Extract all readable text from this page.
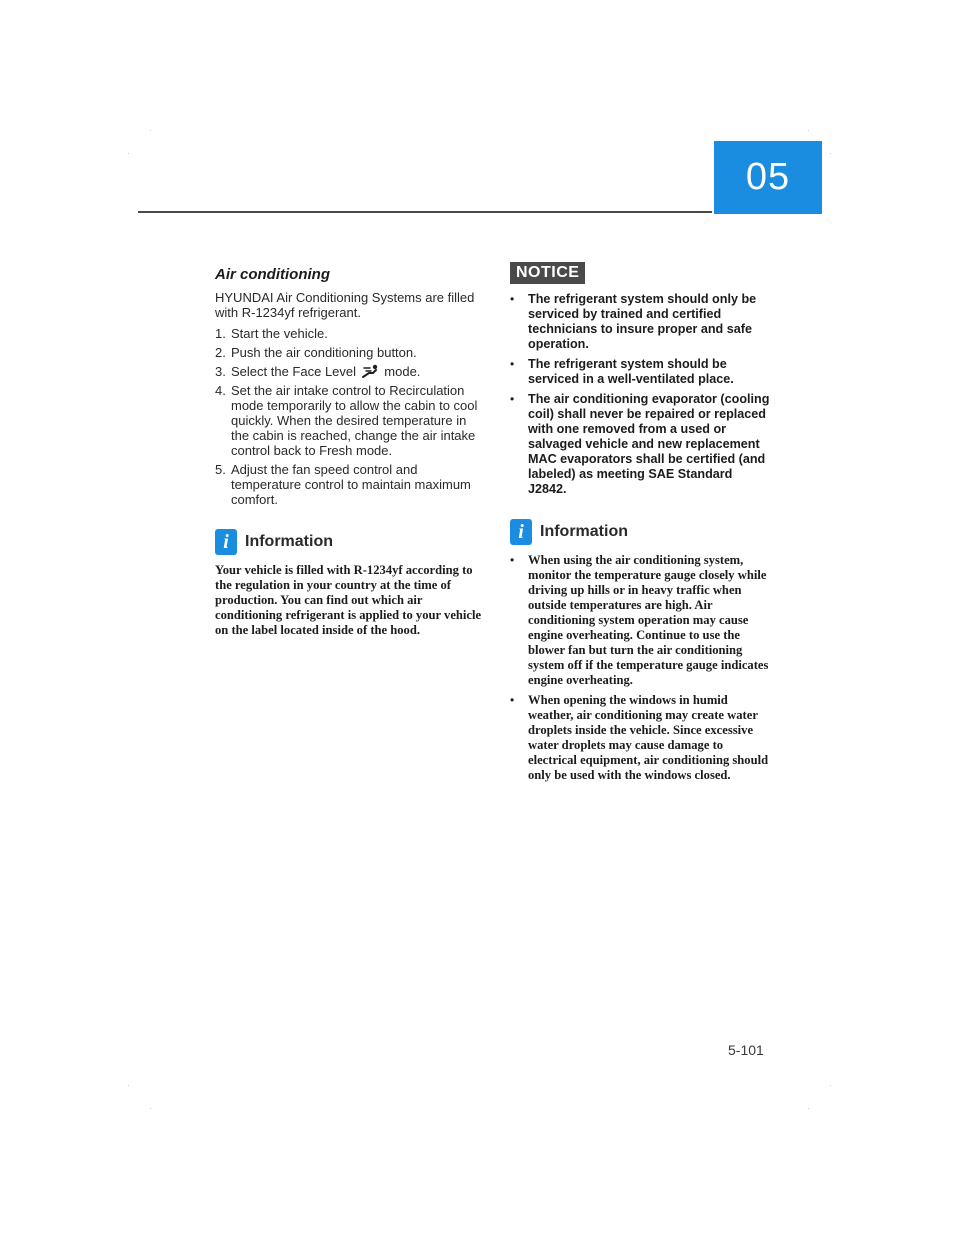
05
Air conditioning

HYUNDAI Air Conditioning Systems are filled with R-1234yf refrigerant.

1. Start the vehicle.
2. Push the air conditioning button.
3. Select the Face Level mode.
4. Set the air intake control to Recirculation mode temporarily to allow the cabin to cool quickly. When the desired temperature in the cabin is reached, change the air intake control back to Fresh mode.
5. Adjust the fan speed control and temperature control to maintain maximum comfort.
i	Information

Your vehicle is filled with R-1234yf according to the regulation in your country at the time of production. You can find out which air conditioning refrigerant is applied to your vehicle on the label located inside of the hood.

NOTICE
•	The refrigerant system should only be serviced by trained and certified technicians to insure proper and safe operation.
•	The refrigerant system should be serviced in a well-ventilated place.
•	The air conditioning evaporator (cooling coil) shall never be repaired or replaced with one removed from a used or salvaged vehicle and new replacement MAC evaporators shall be certified (and labeled) as meeting SAE Standard J2842.
i	Information
•	When using the air conditioning system, monitor the temperature gauge closely while driving up hills or in heavy traffic when outside temperatures are high. Air conditioning system operation may cause engine overheating. Continue to use the blower fan but turn the air conditioning system off if the temperature gauge indicates engine overheating.
•	When opening the windows in humid weather, air conditioning may create water droplets inside the vehicle. Since excessive water droplets may cause damage to electrical equipment, air conditioning should only be used with the windows closed.
5-101
